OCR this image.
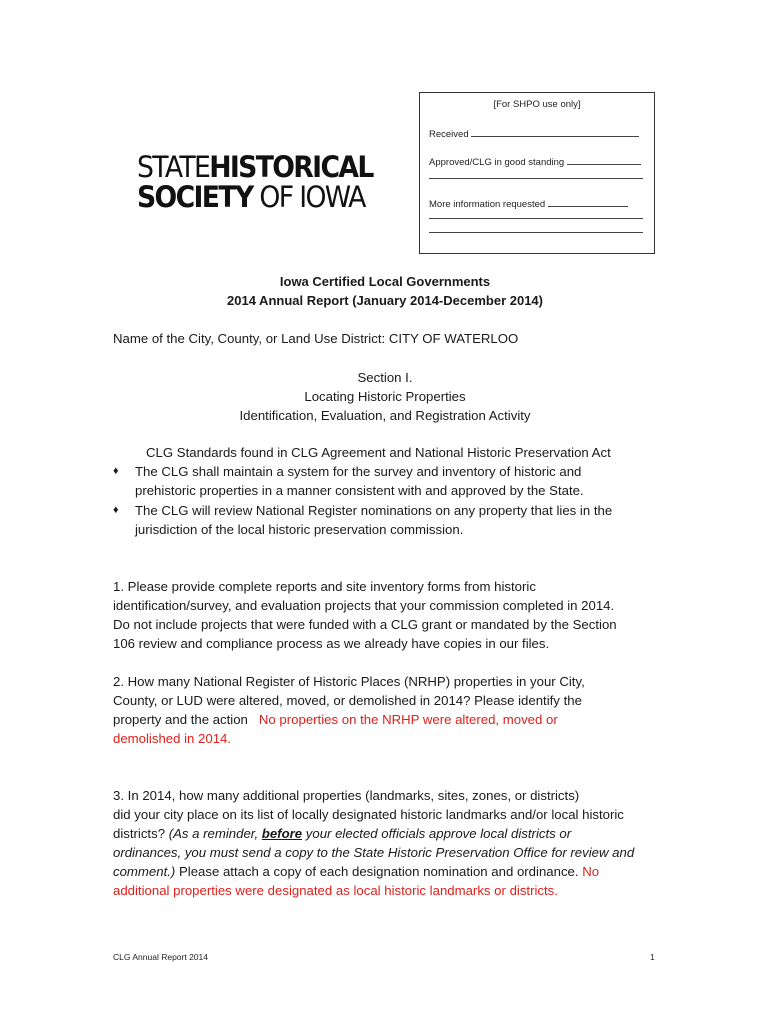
STATEHISTORICAL
SOCIETY OF IOWA
[For SHPO use only]
Received
Approved/CLG in good standing
More information requested
Iowa Certified Local Governments
2014 Annual Report (January 2014-December 2014)
Name of the City, County, or Land Use District: CITY OF WATERLOO
Section I.
Locating Historic Properties
Identification, Evaluation, and Registration Activity
CLG Standards found in CLG Agreement and National Historic Preservation Act
♦ The CLG shall maintain a system for the survey and inventory of historic and
prehistoric properties in a manner consistent with and approved by the State.
♦ The CLG will review National Register nominations on any property that lies in the
jurisdiction of the local historic preservation commission.
1. Please provide complete reports and site inventory forms from historic
identification/survey, and evaluation projects that your commission completed in 2014.
Do not include projects that were funded with a CLG grant or mandated by the Section
106 review and compliance process as we already have copies in our files.
2. How many National Register of Historic Places (NRHP) properties in your City,
County, or LUD were altered, moved, or demolished in 2014? Please identify the
property and the action No properties on the NRHP were altered, moved or
demolished in 2014.
3. In 2014, how many additional properties (landmarks, sites, zones, or districts)
did your city place on its list of locally designated historic landmarks and/or local historic
districts? (As a reminder, before your elected officials approve local districts or
ordinances, you must send a copy to the State Historic Preservation Office for review and
comment.) Please attach a copy of each designation nomination and ordinance. No
additional properties were designated as local historic landmarks or districts.
CLG Annual Report 2014	1
